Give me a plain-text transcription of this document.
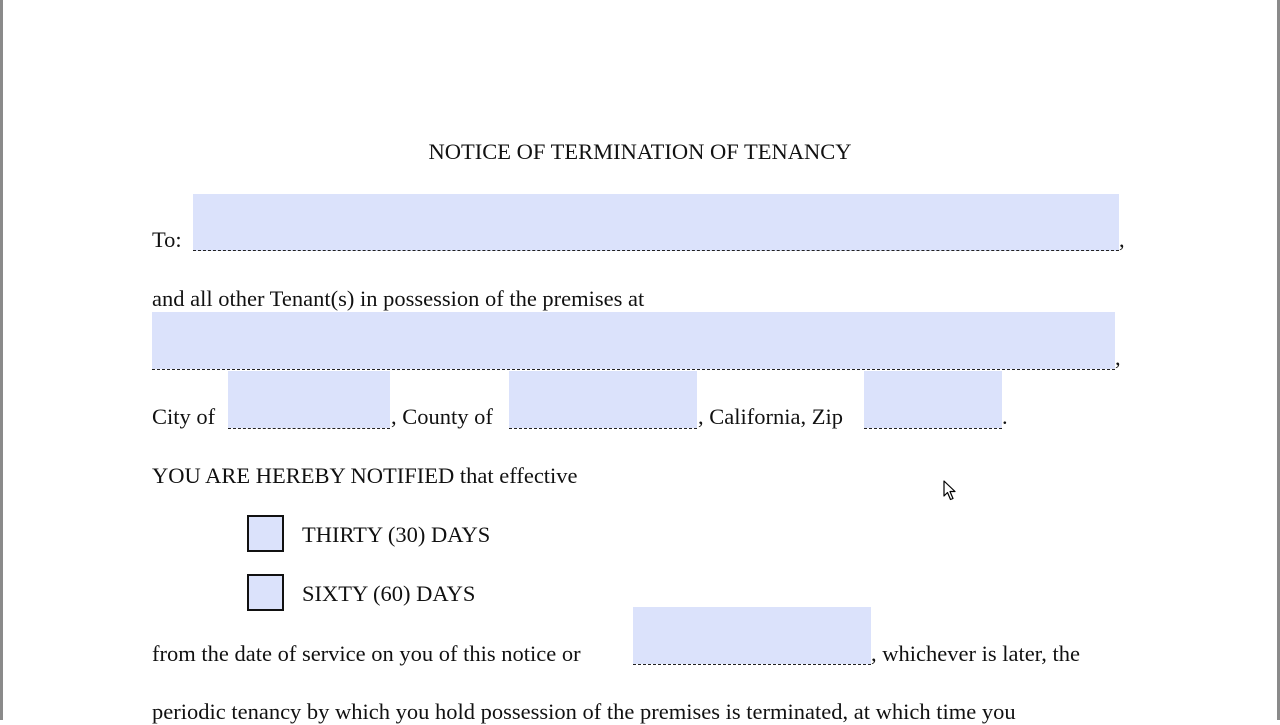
NOTICE OF TERMINATION OF TENANCY
To:	,
and all other Tenant(s) in possession of the premises at
,
City of	, County of	, California, Zip	.
YOU ARE HEREBY NOTIFIED that effective
THIRTY (30) DAYS
SIXTY (60) DAYS
from the date of service on you of this notice or	, whichever is later, the
periodic tenancy by which you hold possession of the premises is terminated, at which time you
